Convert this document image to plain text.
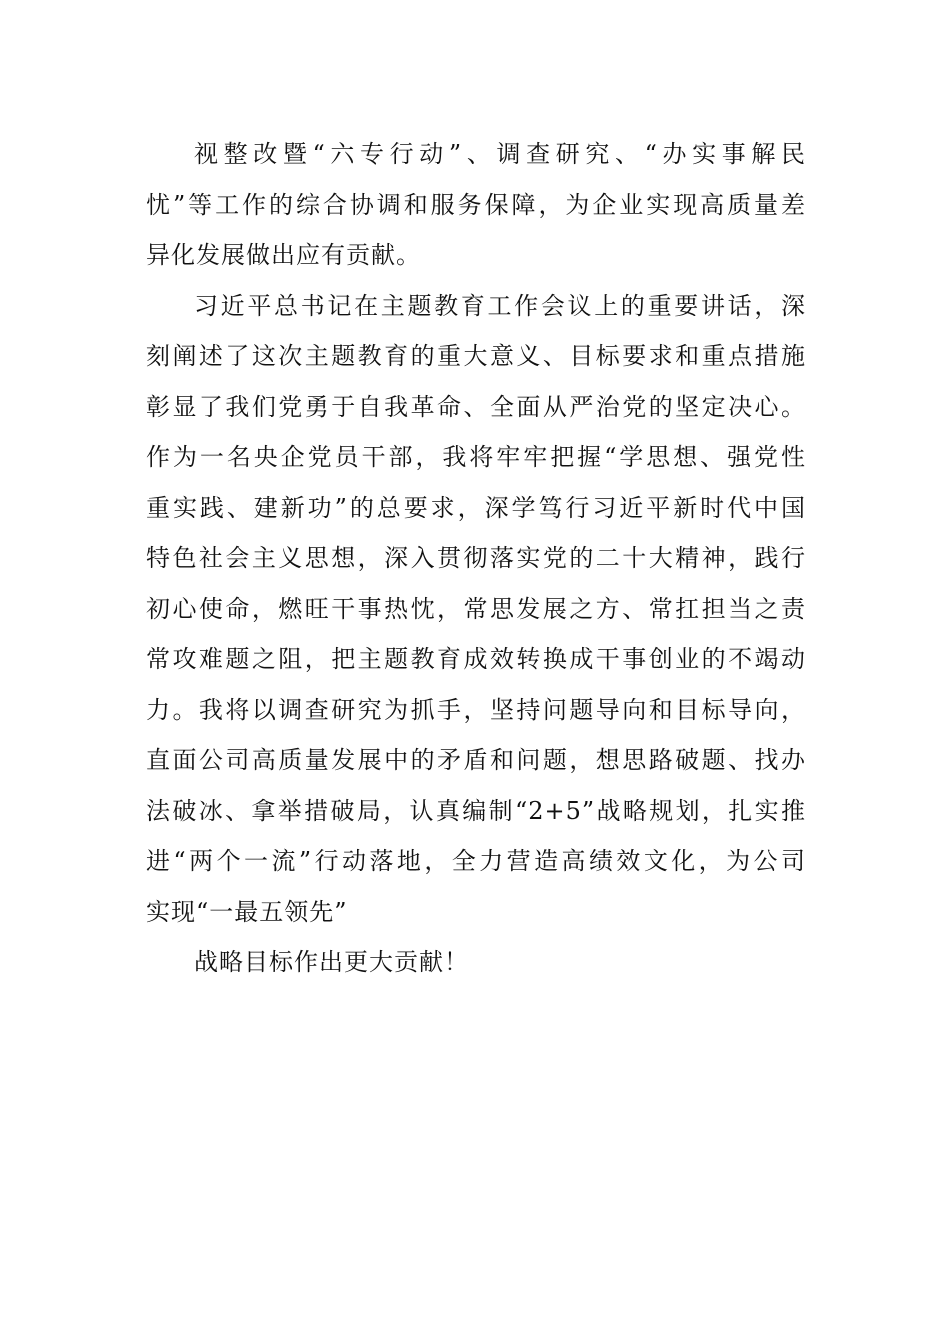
视整改暨“六专行动”、调查研究、“办实事解民
忧”等工作的综合协调和服务保障，为企业实现高质量差
异化发展做出应有贡献。
习近平总书记在主题教育工作会议上的重要讲话，深
刻阐述了这次主题教育的重大意义、目标要求和重点措施
彰显了我们党勇于自我革命、全面从严治党的坚定决心。
作为一名央企党员干部，我将牢牢把握“学思想、强党性
重实践、建新功”的总要求，深学笃行习近平新时代中国
特色社会主义思想，深入贯彻落实党的二十大精神，践行
初心使命，燃旺干事热忱，常思发展之方、常扛担当之责
常攻难题之阻，把主题教育成效转换成干事创业的不竭动
力。我将以调查研究为抓手，坚持问题导向和目标导向，
直面公司高质量发展中的矛盾和问题，想思路破题、找办
法破冰、拿举措破局，认真编制“2+5”战略规划，扎实推
进“两个一流”行动落地，全力营造高绩效文化，为公司
实现“一最五领先”
战略目标作出更大贡献！
